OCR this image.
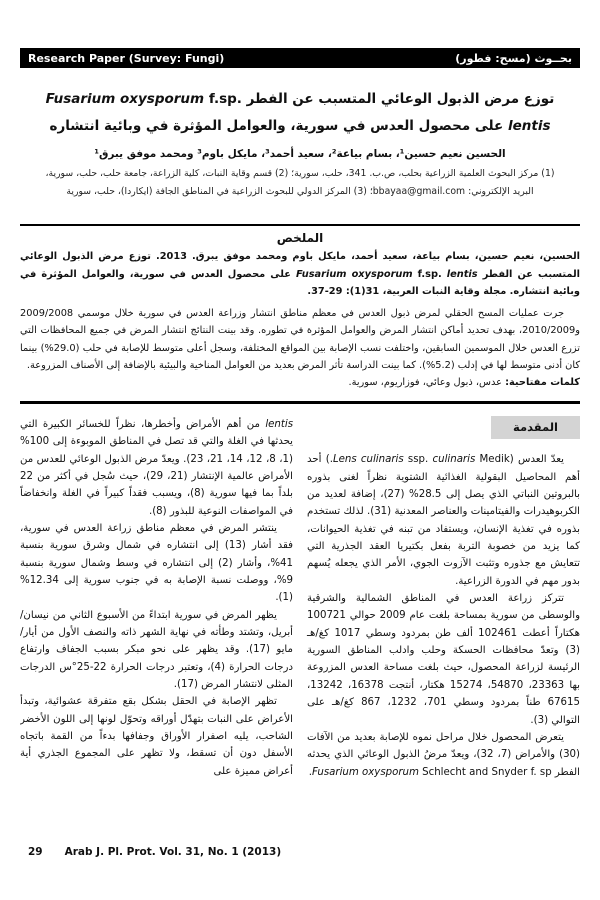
Research Paper (Survey: Fungi)	بحــوث (مسح: فطور)
توزع مرض الذبول الوعائي المتسبب عن الفطر Fusarium oxysporum f.sp. lentis على محصول العدس في سورية، والعوامل المؤثرة في وبائية انتشاره
الحسين نعيم حسين¹، بسام بياعة²، سعيد أحمد³، مايكل باوم³ ومحمد موفق يبرق¹
(1) مركز البحوث العلمية الزراعية بحلب، ص.ب. 341، حلب، سورية؛ (2) قسم وقاية النبات، كلية الزراعة، جامعة حلب، حلب، سورية،
البريد الإلكتروني: bbayaa@gmail.com؛ (3) المركز الدولي للبحوث الزراعية في المناطق الجافة (ايكاردا)، حلب، سورية
الملخص

الحسين، نعيم حسين، بسام بياعة، سعيد أحمد، مايكل باوم ومحمد موفق يبرق. 2013. توزع مرض الذبول الوعائي المتسبب عن الفطر Fusarium oxysporum f.sp. lentis على محصول العدس في سورية، والعوامل المؤثرة في وبائية انتشاره. مجلة وقاية النبات العربية، 31(1): 29-37.

جرت عمليات المسح الحقلي لمرض ذبول العدس في معظم مناطق انتشار وزراعة العدس في سورية خلال موسمي 2009/2008 و2010/2009، بهدف تحديد أماكن انتشار المرض والعوامل المؤثرة في تطوره. وقد بينت النتائج انتشار المرض في جميع المحافظات التي تزرع العدس خلال الموسمين السابقين، واختلفت نسب الإصابة بين المواقع المختلفة، وسجل أعلى متوسط للإصابة في حلب (29.0%) بينما كان أدنى متوسط لها في إدلب (5.2%). كما بينت الدراسة تأثر المرض بعديد من العوامل المناخية والبيئية بالإضافة إلى الأصناف المزروعة.

كلمات مفتاحية: عدس، ذبول وعائي، فوزاريوم، سورية.

المقدمة

يعدّ العدس (Lens culinaris ssp. culinaris Medik.) أحد أهم المحاصيل البقولية الغذائية الشتوية نظراً لغنى بذوره بالبروتين النباتي الذي يصل إلى 28.5% (27)، إضافة لعديد من الكربوهيدرات والفيتامينات والعناصر المعدنية (31). لذلك تستخدم بذوره في تغذية الإنسان، ويستفاد من تبنه في تغذية الحيوانات، كما يزيد من خصوبة التربة بفعل بكتيريا العقد الجذرية التي تتعايش مع جذوره وتثبت الآزوت الجوي، الأمر الذي يجعله يُسهم بدور مهم في الدورة الزراعية.

تتركز زراعة العدس في المناطق الشمالية والشرقية والوسطى من سورية بمساحة بلغت عام 2009 حوالي 100721 هكتاراً أعطت 102461 ألف طن بمردود وسطي 1017 كغ/هـ (3) وتعدّ محافظات الحسكة وحلب وادلب المناطق السورية الرئيسة لزراعة المحصول، حيث بلغت مساحة العدس المزروعة بها 23363، 54870، 15274 هكتار، أنتجت 16378، 13242، 67615 طناً بمردود وسطي 701، 1232، 867 كغ/هـ على التوالي (3).

يتعرض المحصول خلال مراحل نموه للإصابة بعديد من الآفات (30) والأمراض (7، 32)، ويعدّ مرضُ الذبول الوعائي الذي يحدثه الفطر Fusarium oxysporum Schlecht and Snyder f. sp.

lentis من أهم الأمراض وأخطرها، نظراً للخسائر الكبيرة التي يحدثها في الغلة والتي قد تصل في المناطق الموبوءة إلى 100% (1، 8، 12، 14، 21، 23). ويعدّ مرض الذبول الوعائي للعدس من الأمراض عالمية الإنتشار (21، 29)، حيث سُجل في أكثر من 22 بلداً بما فيها سورية (8)، ويسبب فقداً كبيراً في الغلة وانخفاضاً في المواصفات النوعية للبذور (8).

ينتشر المرض في معظم مناطق زراعة العدس في سورية، فقد أشار (13) إلى انتشاره في شمال وشرق سورية بنسبة 41%، وأشار (2) إلى انتشاره في وسط وشمال سورية بنسبة 9%، ووصلت نسبة الإصابة به في جنوب سورية إلى 12.34% (1).

يظهر المرض في سورية ابتداءً من الأسبوع الثاني من نيسان/أبريل، وتشتد وطأته في نهاية الشهر ذاته والنصف الأول من أيار/مايو (17). وقد يظهر على نحو مبكر بسبب الجفاف وارتفاع درجات الحرارة (4)، وتعتبر درجات الحرارة 22-25°س الدرجات المثلى لانتشار المرض (17).

تظهر الإصابة في الحقل بشكل بقع متفرقة عشوائية، وتبدأ الأعراض على النبات بتهدّل أوراقه وتحوّل لونها إلى اللون الأخضر الشاحب، يليه اصفرار الأوراق وجفافها بدءاً من القمة باتجاه الأسفل دون أن تسقط، ولا تظهر على المجموع الجذري أية أعراض مميزة على

29 Arab J. Pl. Prot. Vol. 31, No. 1 (2013)
